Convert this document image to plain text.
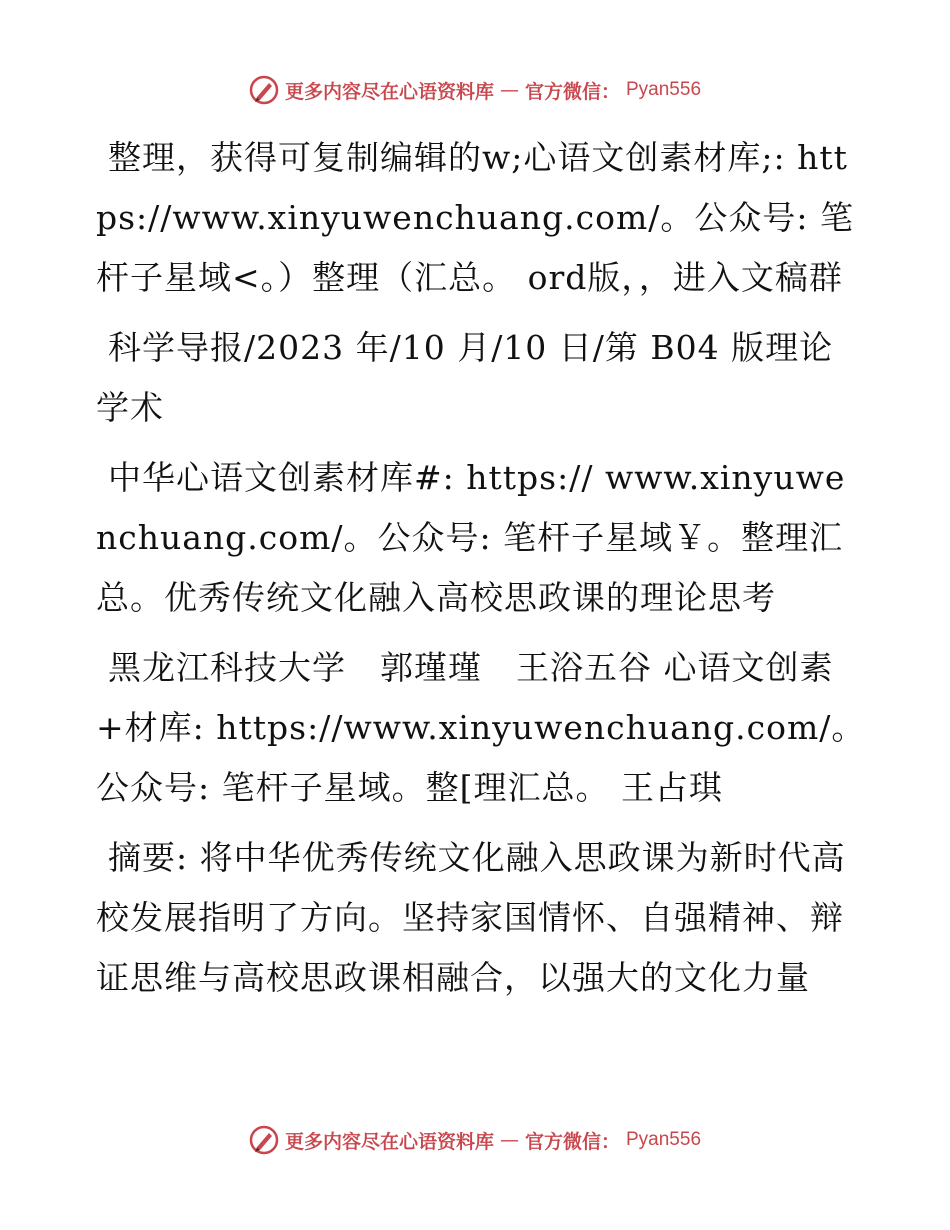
更多内容尽在心语资料库 — 官方微信： Pyan556

整理，获得可复制编辑的w;心语文创素材库;: https://www.xinyuwenchuang.com/。公众号: 笔杆子星域<。）整理（汇总。 ord版，，进入文稿群

科学导报/2023 年/10 月/10 日/第 B04 版理论学术

中华心语文创素材库#: https:// www.xinyuwenchuang.com/。公众号: 笔杆子星域￥。整理汇总。优秀传统文化融入高校思政课的理论思考

黑龙江科技大学　郭瑾瑾　王浴五谷 心语文创素+材库: https://www.xinyuwenchuang.com/。公众号: 笔杆子星域。整[理汇总。 王占琪

摘要: 将中华优秀传统文化融入思政课为新时代高校发展指明了方向。坚持家国情怀、自强精神、辩证思维与高校思政课相融合，以强大的文化力量

更多内容尽在心语资料库 — 官方微信： Pyan556
